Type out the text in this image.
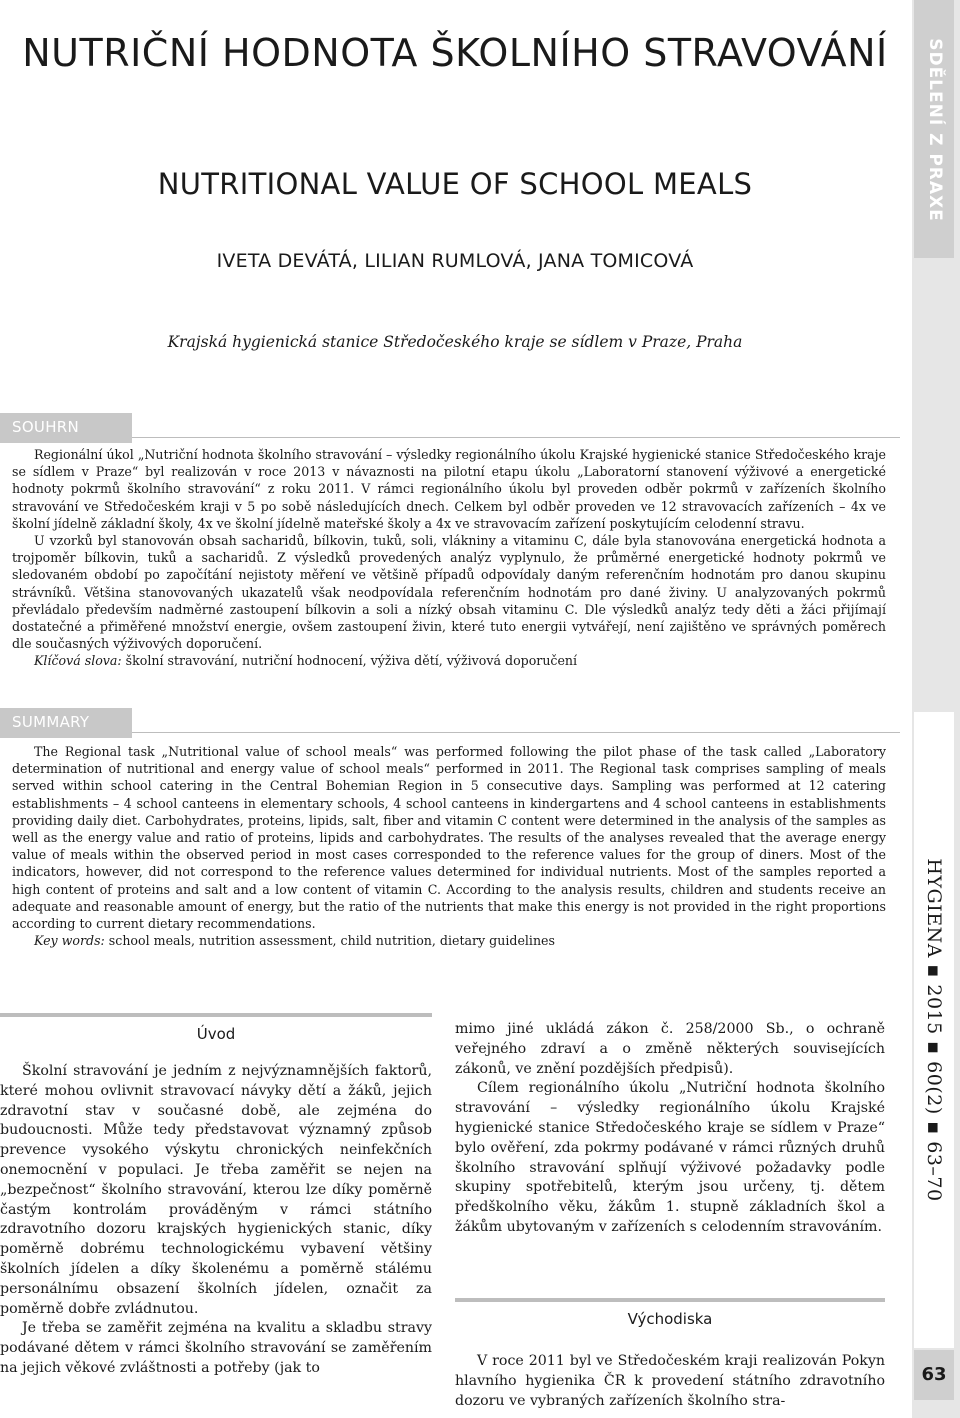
NUTRIČNÍ HODNOTA ŠKOLNÍHO STRAVOVÁNÍ
NUTRITIONAL VALUE OF SCHOOL MEALS
IVETA DEVÁTÁ, LILIAN RUMLOVÁ, JANA TOMICOVÁ
Krajská hygienická stanice Středočeského kraje se sídlem v Praze, Praha
SDĚLENÍ Z PRAXE
HYGIENA ▪ 2015 ▪ 60(2) ▪ 63–70
63
SOUHRN

Regionální úkol „Nutriční hodnota školního stravování – výsledky regionálního úkolu Krajské hygienické stanice Středočeského kraje se sídlem v Praze“ byl realizován v roce 2013 v návaznosti na pilotní etapu úkolu „Laboratorní stanovení výživové a energetické hodnoty pokrmů školního stravování“ z roku 2011. V rámci regionálního úkolu byl proveden odběr pokrmů v zařízeních školního stravování ve Středočeském kraji v 5 po sobě následujících dnech. Celkem byl odběr proveden ve 12 stravovacích zařízeních – 4x ve školní jídelně základní školy, 4x ve školní jídelně mateřské školy a 4x ve stravovacím zařízení poskytujícím celodenní stravu.

U vzorků byl stanovován obsah sacharidů, bílkovin, tuků, soli, vlákniny a vitaminu C, dále byla stanovována energetická hodnota a trojpoměr bílkovin, tuků a sacharidů. Z výsledků provedených analýz vyplynulo, že průměrné energetické hodnoty pokrmů ve sledovaném období po započítání nejistoty měření ve většině případů odpovídaly daným referenčním hodnotám pro danou skupinu strávníků. Většina stanovovaných ukazatelů však neodpovídala referenčním hodnotám pro dané živiny. U analyzovaných pokrmů převládalo především nadměrné zastoupení bílkovin a soli a nízký obsah vitaminu C. Dle výsledků analýz tedy děti a žáci přijímají dostatečné a přiměřené množství energie, ovšem zastoupení živin, které tuto energii vytvářejí, není zajištěno ve správných poměrech dle současných výživových doporučení.

Klíčová slova: školní stravování, nutriční hodnocení, výživa dětí, výživová doporučení

SUMMARY

The Regional task „Nutritional value of school meals“ was performed following the pilot phase of the task called „Laboratory determination of nutritional and energy value of school meals“ performed in 2011. The Regional task comprises sampling of meals served within school catering in the Central Bohemian Region in 5 consecutive days. Sampling was performed at 12 catering establishments – 4 school canteens in elementary schools, 4 school canteens in kindergartens and 4 school canteens in establishments providing daily diet. Carbohydrates, proteins, lipids, salt, fiber and vitamin C content were determined in the analysis of the samples as well as the energy value and ratio of proteins, lipids and carbohydrates. The results of the analyses revealed that the average energy value of meals within the observed period in most cases corresponded to the reference values for the group of diners. Most of the indicators, however, did not correspond to the reference values determined for individual nutrients. Most of the samples reported a high content of proteins and salt and a low content of vitamin C. According to the analysis results, children and students receive an adequate and reasonable amount of energy, but the ratio of the nutrients that make this energy is not provided in the right proportions according to current dietary recommendations.

Key words: school meals, nutrition assessment, child nutrition, dietary guidelines

Úvod

Školní stravování je jedním z nejvýznamnějších faktorů, které mohou ovlivnit stravovací návyky dětí a žáků, jejich zdravotní stav v současné době, ale zejména do budoucnosti. Může tedy představovat významný způsob prevence vysokého výskytu chronických neinfekčních onemocnění v populaci. Je třeba zaměřit se nejen na „bezpečnost“ školního stravování, kterou lze díky poměrně častým kontrolám prováděným v rámci státního zdravotního dozoru krajských hygienických stanic, díky poměrně dobrému technologickému vybavení většiny školních jídelen a díky školenému a poměrně stálému personálnímu obsazení školních jídelen, označit za poměrně dobře zvládnutou.

Je třeba se zaměřit zejména na kvalitu a skladbu stravy podávané dětem v rámci školního stravování se zaměřením na jejich věkové zvláštnosti a potřeby (jak to

mimo jiné ukládá zákon č. 258/2000 Sb., o ochraně veřejného zdraví a o změně některých souvisejících zákonů, ve znění pozdějších předpisů).

Cílem regionálního úkolu „Nutriční hodnota školního stravování – výsledky regionálního úkolu Krajské hygienické stanice Středočeského kraje se sídlem v Praze“ bylo ověření, zda pokrmy podávané v rámci různých druhů školního stravování splňují výživové požadavky podle skupiny spotřebitelů, kterým jsou určeny, tj. dětem předškolního věku, žákům 1. stupně základních škol a žákům ubytovaným v zařízeních s celodenním stravováním.

Východiska

V roce 2011 byl ve Středočeském kraji realizován Pokyn hlavního hygienika ČR k provedení státního zdravotního dozoru ve vybraných zařízeních školního stra-
